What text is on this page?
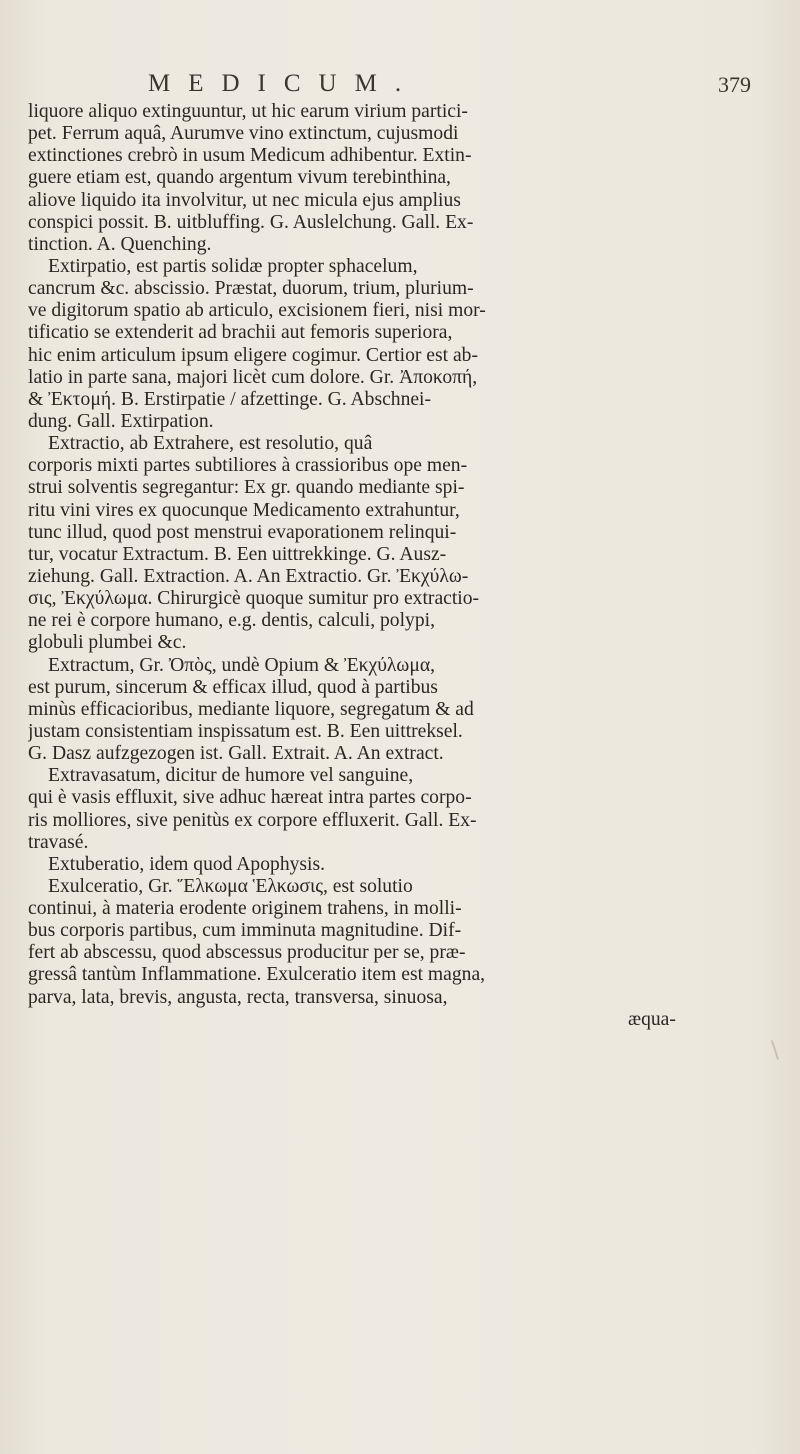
MEDICUM.	379
liquore aliquo extinguuntur, ut hic earum virium partici-
pet. Ferrum aquâ, Aurumve vino extinctum, cujusmodi
extinctiones crebrò in usum Medicum adhibentur. Extin-
guere etiam est, quando argentum vivum terebinthina,
aliove liquido ita involvitur, ut nec micula ejus amplius
conspici possit. B. uitbluffing. G. Auslelchung. Gall. Ex-
tinction. A. Quenching.
Extirpatio, est partis solidæ propter sphacelum,
cancrum &c. abscissio. Præstat, duorum, trium, plurium-
ve digitorum spatio ab articulo, excisionem fieri, nisi mor-
tificatio se extenderit ad brachii aut femoris superiora,
hic enim articulum ipsum eligere cogimur. Certior est ab-
latio in parte sana, majori licèt cum dolore. Gr. Ἀποκοπή,
& Ἐκτομή. B. Erstirpatie / afzettinge. G. Abschnei-
dung. Gall. Extirpation.
Extractio, ab Extrahere, est resolutio, quâ
corporis mixti partes subtiliores à crassioribus ope men-
strui solventis segregantur: Ex gr. quando mediante spi-
ritu vini vires ex quocunque Medicamento extrahuntur,
tunc illud, quod post menstrui evaporationem relinqui-
tur, vocatur Extractum. B. Een uittrekkinge. G. Ausz-
ziehung. Gall. Extraction. A. An Extractio. Gr. Ἐκχύλω-
σις, Ἐκχύλωμα. Chirurgicè quoque sumitur pro extractio-
ne rei è corpore humano, e.g. dentis, calculi, polypi,
globuli plumbei &c.
Extractum, Gr. Ὀπὸς, undè Opium & Ἐκχύλωμα,
est purum, sincerum & efficax illud, quod à partibus
minùs efficacioribus, mediante liquore, segregatum & ad
justam consistentiam inspissatum est. B. Een uittreksel.
G. Dasz aufzgezogen ist. Gall. Extrait. A. An extract.
Extravasatum, dicitur de humore vel sanguine,
qui è vasis effluxit, sive adhuc hæreat intra partes corpo-
ris molliores, sive penitùs ex corpore effluxerit. Gall. Ex-
travasé.
Extuberatio, idem quod Apophysis.
Exulceratio, Gr. Ἕλκωμα Ἑλκωσις, est solutio
continui, à materia erodente originem trahens, in molli-
bus corporis partibus, cum imminuta magnitudine. Dif-
fert ab abscessu, quod abscessus producitur per se, præ-
gressâ tantùm Inflammatione. Exulceratio item est magna,
parva, lata, brevis, angusta, recta, transversa, sinuosa,
æqua-
